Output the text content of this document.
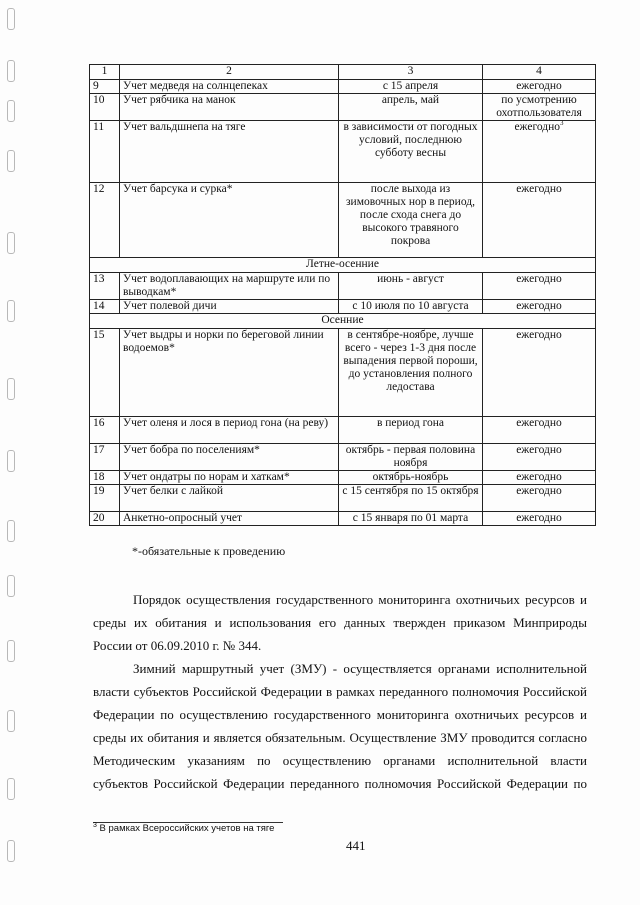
1	2	3	4
9	Учет медведя на солнцепеках	с 15 апреля	ежегодно
10	Учет рябчика на манок	апрель, май	по усмотрению охотпользователя
11	Учет вальдшнепа на тяге	в зависимости от погодных условий, последнюю субботу весны	ежегодно$^3$
12	Учет барсука и сурка*	после выхода из зимовочных нор в период, после схода снега до высокого травяного покрова	ежегодно
Летне-осенние			
13	Учет водоплавающих на маршруте или по выводкам*	июнь - август	ежегодно
14	Учет полевой дичи	с 10 июля по 10 августа	ежегодно
Осенние			
15	Учет выдры и норки по береговой линии водоемов*	в сентябре-ноябре, лучше всего - через 1-3 дня после выпадения первой пороши, до установления полного ледостава	ежегодно
16	Учет оленя и лося в период гона (на реву)	в период гона	ежегодно
17	Учет бобра по поселениям*	октябрь - первая половина ноября	ежегодно
18	Учет ондатры по норам и хаткам*	октябрь-ноябрь	ежегодно
19	Учет белки с лайкой	с 15 сентября по 15 октября	ежегодно
20	Анкетно-опросный учет	с 15 января по 01 марта	ежегодно
*-обязательные к проведению

Порядок осуществления государственного мониторинга охотничьих ресурсов и среды их обитания и использования его данных твержден приказом Минприроды России от 06.09.2010 г. № 344.

Зимний маршрутный учет (ЗМУ) - осуществляется органами исполнительной власти субъектов Российской Федерации в рамках переданного полномочия Российской Федерации по осуществлению государственного мониторинга охотничьих ресурсов и среды их обитания и является обязательным. Осуществление ЗМУ проводится согласно Методическим указаниям по осуществлению органами исполнительной власти субъектов Российской Федерации переданного полномочия Российской Федерации по

$^3$ В рамках Всероссийских учетов на тяге
441
